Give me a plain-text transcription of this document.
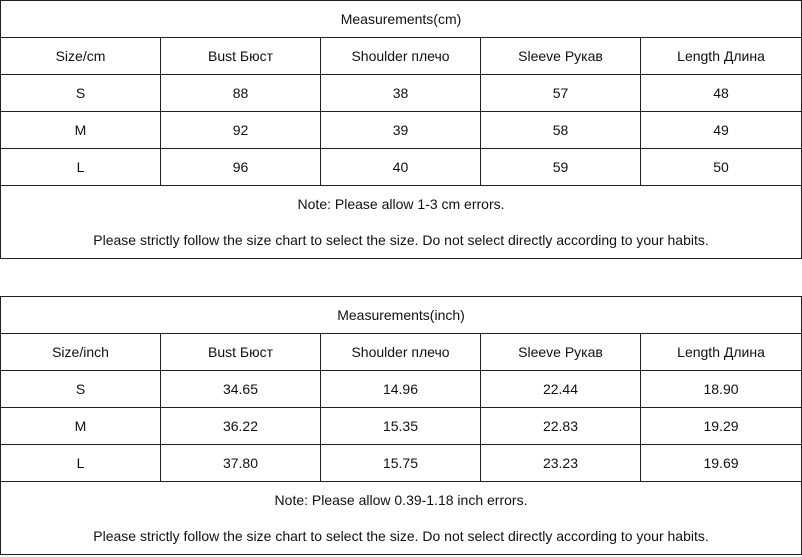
Measurements(cm)				
Size/cm	Bust Бюст	Shoulder плечо	Sleeve Рукав	Length Длина
S	88	38	57	48
M	92	39	58	49
L	96	40	59	50
Note: Please allow 1-3 cm errors.				
Please strictly follow the size chart to select the size. Do not select directly according to your habits.				
Measurements(inch)				
Size/inch	Bust Бюст	Shoulder плечо	Sleeve Рукав	Length Длина
S	34.65	14.96	22.44	18.90
M	36.22	15.35	22.83	19.29
L	37.80	15.75	23.23	19.69
Note: Please allow 0.39-1.18 inch errors.				
Please strictly follow the size chart to select the size. Do not select directly according to your habits.				
